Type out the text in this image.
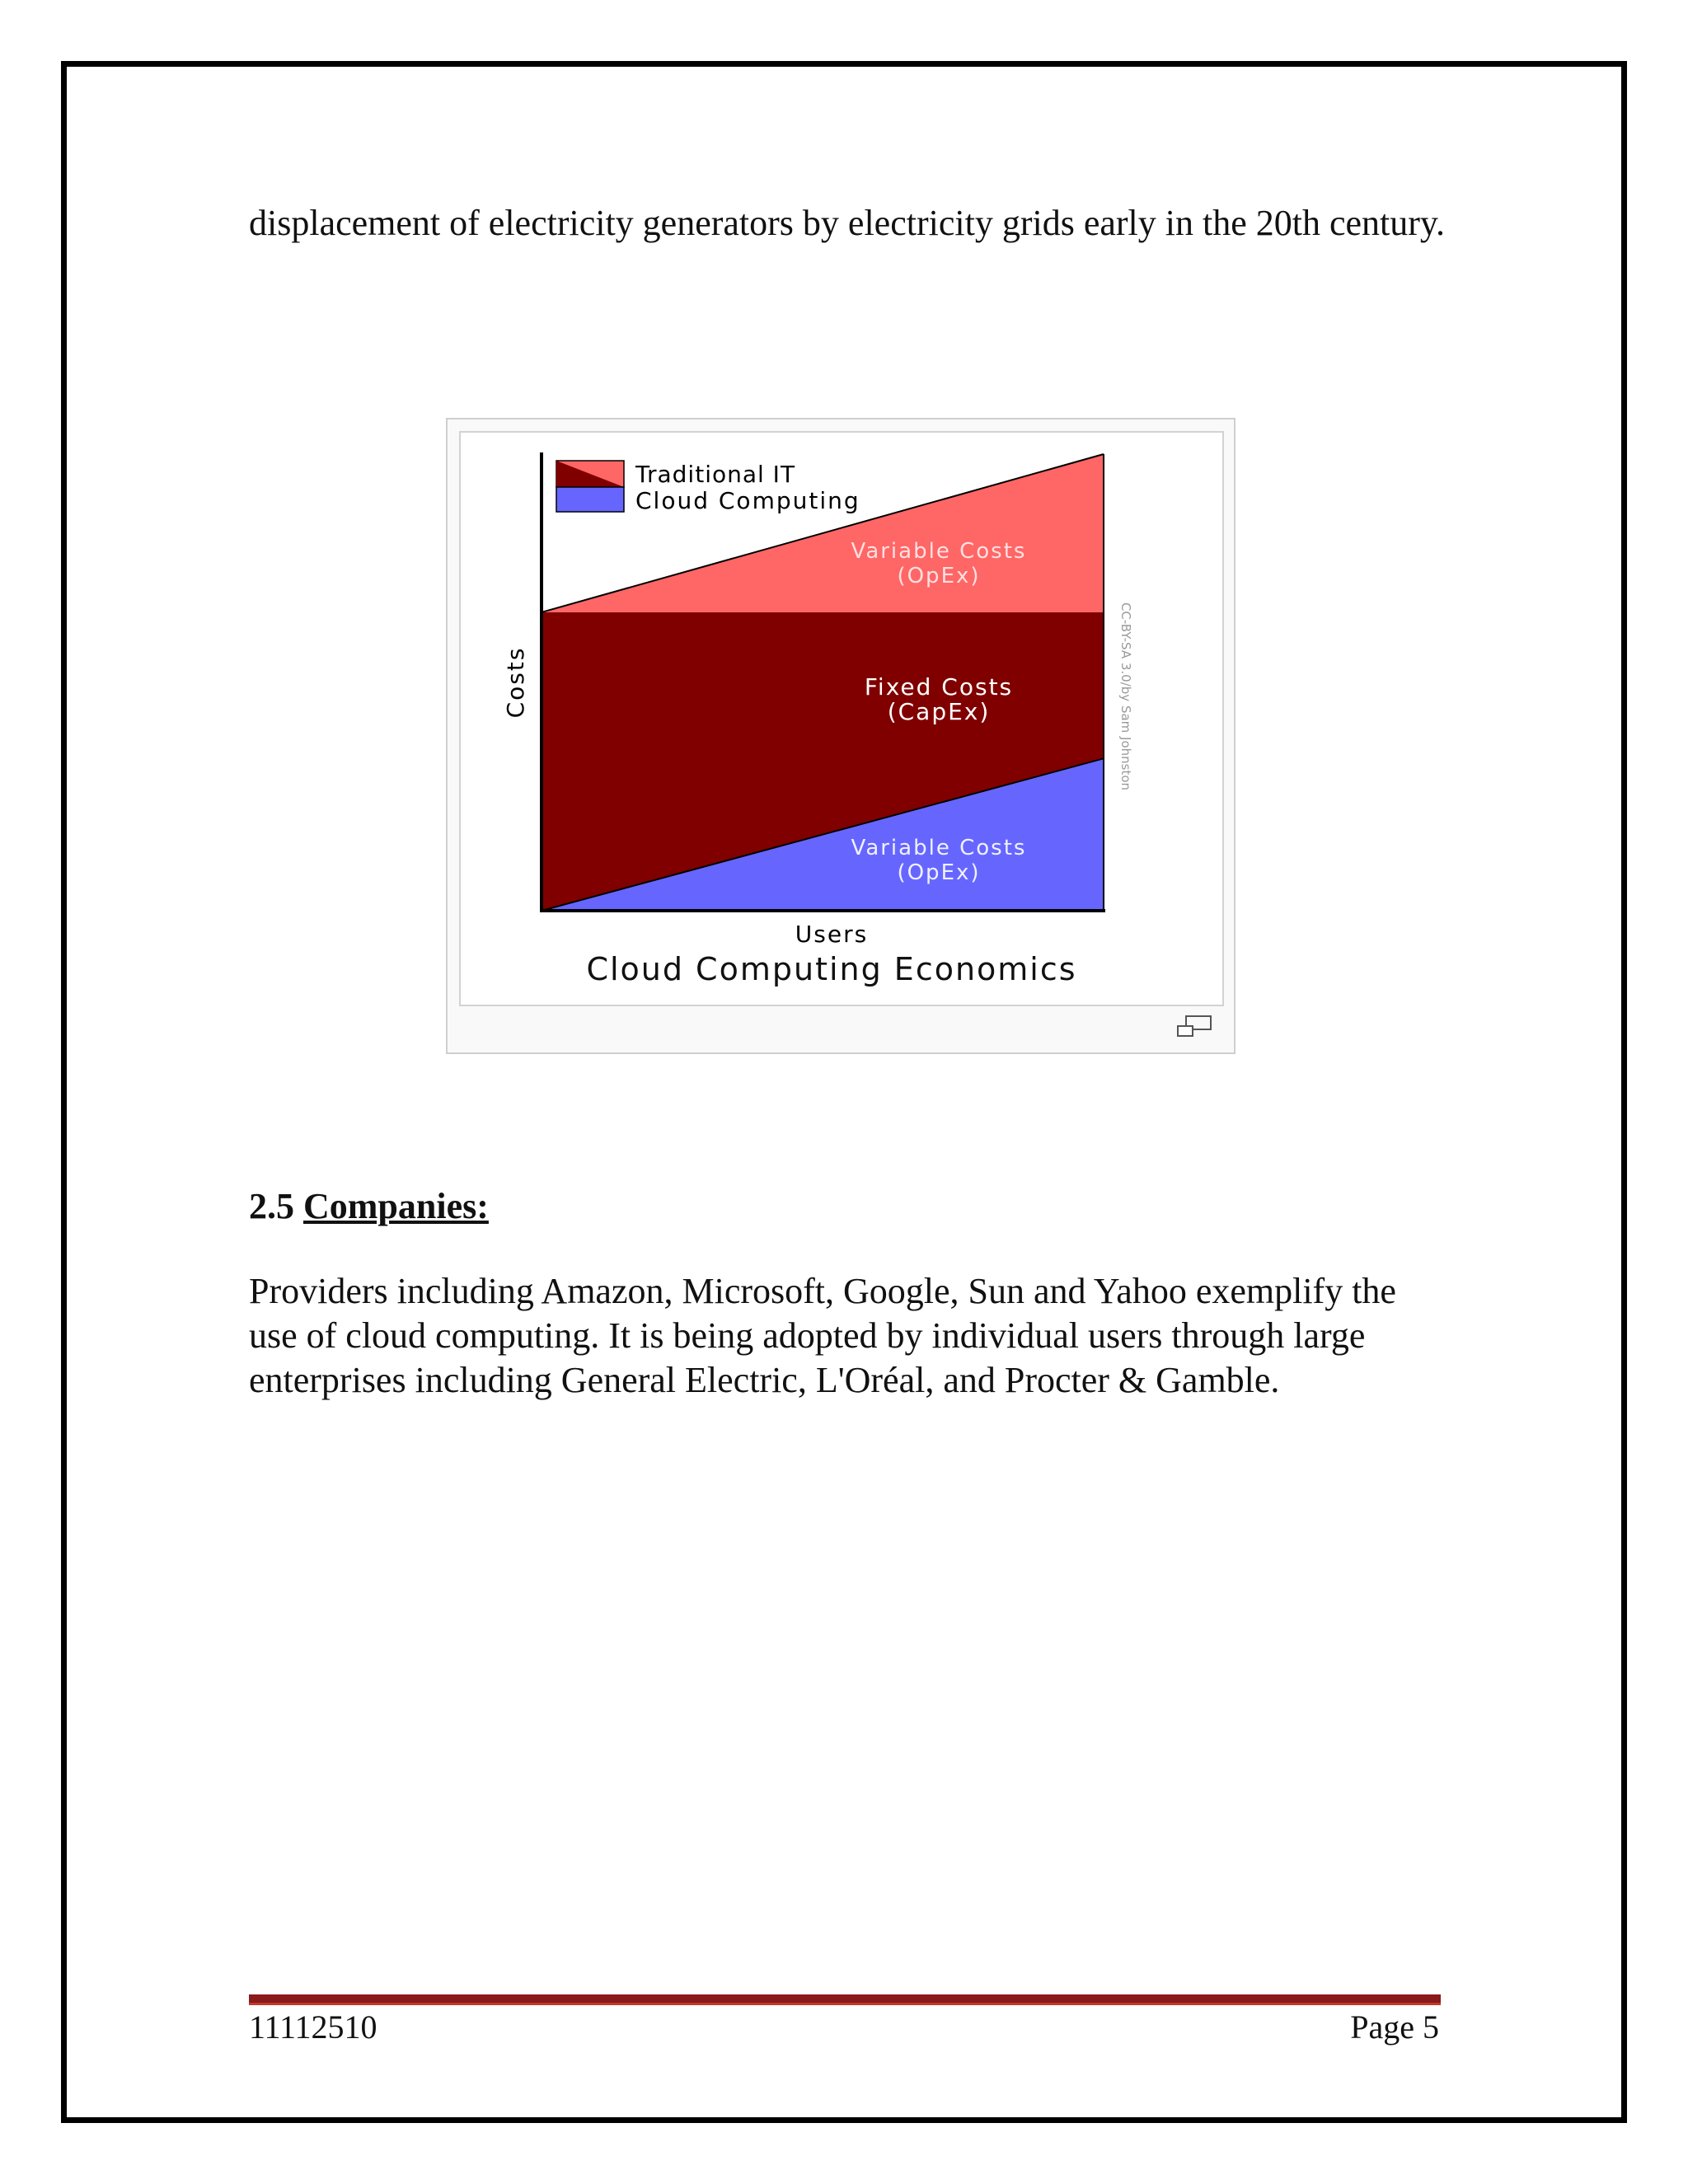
displacement of electricity generators by electricity grids early in the 20th century.

Traditional IT
Cloud Computing
Variable Costs
(OpEx)
Fixed Costs
(CapEx)
Variable Costs
(OpEx)
Users
Costs
Cloud Computing Economics
CC-BY-SA 3.0/by Sam Johnston
2.5 Companies:

Providers including Amazon, Microsoft, Google, Sun and Yahoo exemplify the use of cloud computing. It is being adopted by individual users through large enterprises including General Electric, L'Oréal, and Procter & Gamble.

11112510	Page 5
